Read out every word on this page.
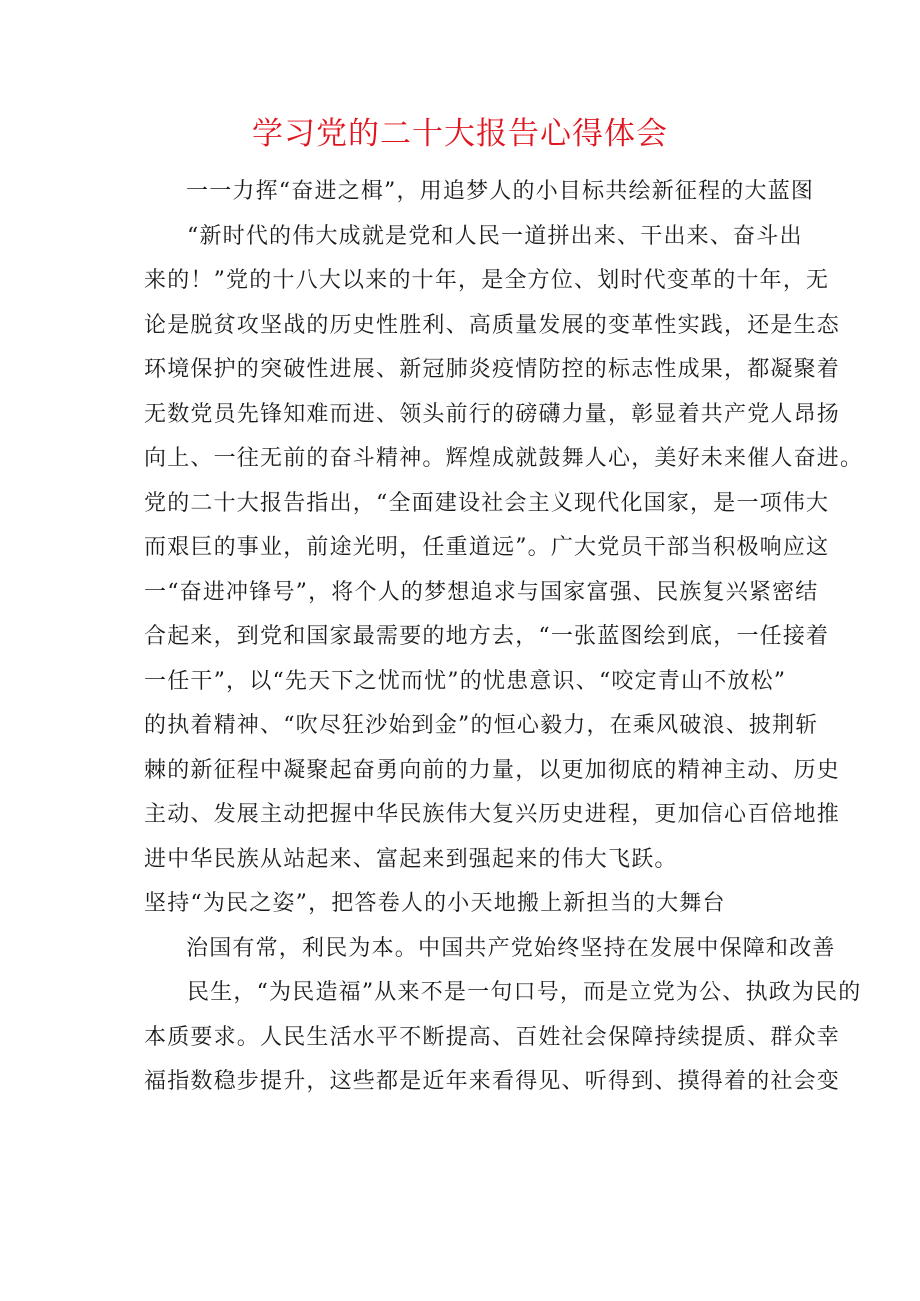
学习党的二十大报告心得体会

一一力挥“奋进之楫”，用追梦人的小目标共绘新征程的大蓝图

“新时代的伟大成就是党和人民一道拼出来、干出来、奋斗出

来的！”党的十八大以来的十年，是全方位、划时代变革的十年，无

论是脱贫攻坚战的历史性胜利、高质量发展的变革性实践，还是生态

环境保护的突破性进展、新冠肺炎疫情防控的标志性成果，都凝聚着

无数党员先锋知难而进、领头前行的磅礴力量，彰显着共产党人昂扬

向上、一往无前的奋斗精神。辉煌成就鼓舞人心，美好未来催人奋进。

党的二十大报告指出，“全面建设社会主义现代化国家，是一项伟大

而艰巨的事业，前途光明，任重道远”。广大党员干部当积极响应这

一“奋进冲锋号”，将个人的梦想追求与国家富强、民族复兴紧密结

合起来，到党和国家最需要的地方去，“一张蓝图绘到底，一任接着

一任干”，以“先天下之忧而忧”的忧患意识、“咬定青山不放松”

的执着精神、“吹尽狂沙始到金”的恒心毅力，在乘风破浪、披荆斩

棘的新征程中凝聚起奋勇向前的力量，以更加彻底的精神主动、历史

主动、发展主动把握中华民族伟大复兴历史进程，更加信心百倍地推

进中华民族从站起来、富起来到强起来的伟大飞跃。

坚持“为民之姿”，把答卷人的小天地搬上新担当的大舞台

治国有常，利民为本。中国共产党始终坚持在发展中保障和改善

民生，“为民造福”从来不是一句口号，而是立党为公、执政为民的

本质要求。人民生活水平不断提高、百姓社会保障持续提质、群众幸

福指数稳步提升，这些都是近年来看得见、听得到、摸得着的社会变
